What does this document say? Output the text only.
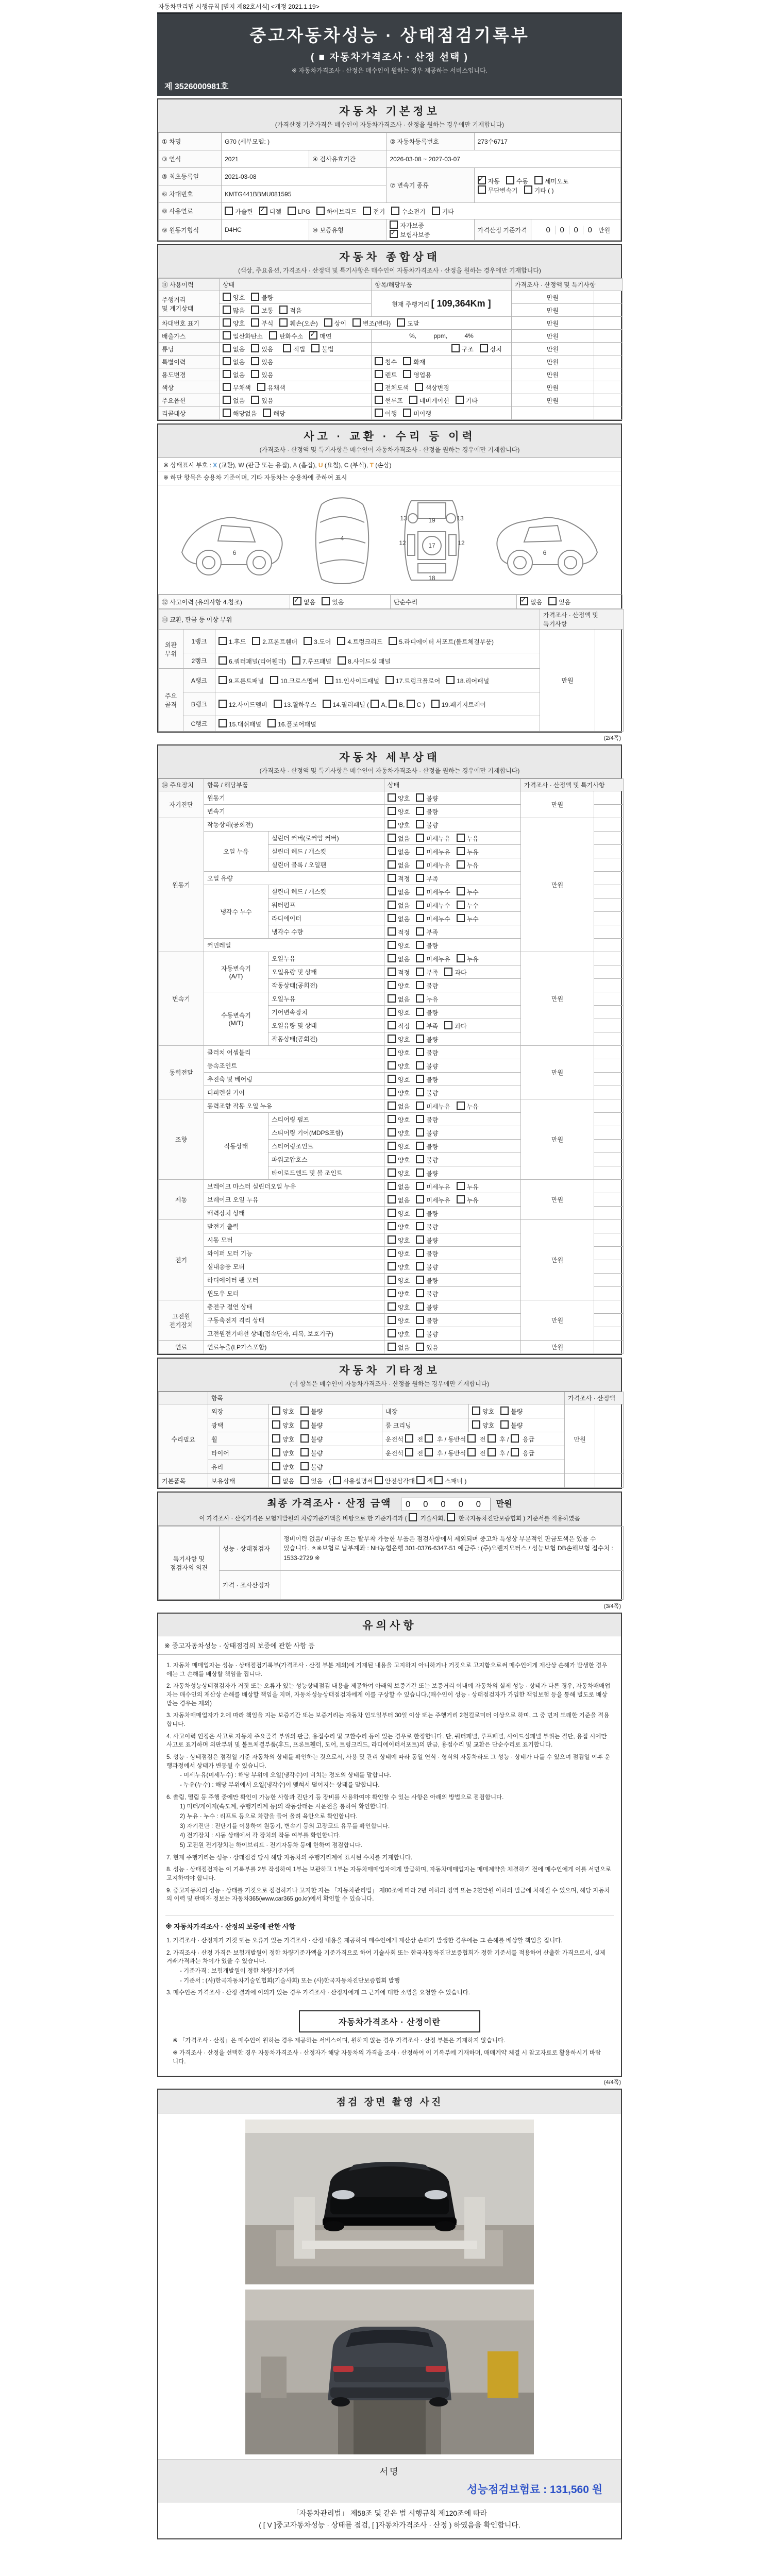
자동차관리법 시행규칙 [별지 제82호서식] <개정 2021.1.19>
중고자동차성능 · 상태점검기록부
( ■ 자동차가격조사 · 산정 선택 )
※ 자동차가격조사 · 산정은 매수인이 원하는 경우 제공하는 서비스입니다.
제 3526000981호
자동차 기본정보
(가격산정 기준가격은 매수인이 자동차가격조사 · 산정을 원하는 경우에만 기재합니다)
① 차명	G70 (세부모델: )		② 자동차등록번호	273수6717	
③ 연식	2021	④ 검사유효기간	2026-03-08 ~ 2027-03-07		
⑤ 최초등록일	2021-03-08		⑦ 변속기 종류	
✓자동 수동 세미오토
무단변속기 기타 ( )

⑥ 차대번호	KMTG441BBMU081595				
⑧ 사용연료	가솔린 ✓ 디젤 LPG 하이브리드 전기 수소전기 기타
⑨ 원동기형식	D4HC	⑩ 보증유형	자가보증✓보험사보증	가격산정 기준가격	0 0 0 0 만원
자동차 종합상태
(색상, 주요옵션, 가격조사 · 산정액 및 특기사항은 매수인이 자동차가격조사 · 산정을 원하는 경우에만 기재합니다)
⑪ 사용이력	상태	항목/해당부품	가격조사 · 산정액 및 특기사항	
주행거리
및 계기상태	양호 불량	현재 주행거리 [ 109,364Km ]	만원	
	많음 보통 적음		만원	
차대번호 표기	양호 부식 훼손(오손) 상이 변조(변타) 도말		만원	
배출가스	일산화탄소 탄화수소 ✓ 매연	%,          ppm,          4%	만원	
튜닝	없음 있음 적법 불법	구조 장치	만원	
특별이력	없음 있음	침수 화재	만원	
용도변경	없음 있음	렌트 영업용	만원	
색상	무채색 유채색	전체도색 색상변경	만원	
주요옵션	없음 있음	썬루프 네비게이션 기타	만원	
리콜대상	해당없음 해당	이행 미이행		
사고 · 교환 · 수리 등 이력
(가격조사 · 산정액 및 특기사항은 매수인이 자동차가격조사 · 산정을 원하는 경우에만 기재합니다)
※ 상태표시 부호 : X (교환), W (판금 또는 용접), A (흠집), U (요철), C (부식), T (손상)
※ 하단 항목은 승용차 기준이며, 기타 자동차는 승용차에 준하여 표시
6
4
19
13	13
17
12	12
18
6
⑫ 사고이력 (유의사항 4.참조)	✓없음	있음	단순수리	✓없음	있음
⑬ 교환, 판금 등 이상 부위			가격조사 · 산정액 및 특기사항	
외판
부위	1랭크	1.후드 2.프론트휀더 3.도어 4.트렁크리드 5.라디에이터 서포트(볼트체결부품)	만원	
	2랭크	6.쿼터패널(리어휀더) 7.루프패널 8.사이드실 패널		
주요
골격	A랭크	9.프론트패널 10.크로스멤버 11.인사이드패널 17.트렁크플로어 18.리어패널		
	B랭크	12.사이드멤버 13.휠하우스 14.필러패널 ( A, B, C ) 19.패키지트레이		
	C랭크	15.대쉬패널 16.플로어패널		
(2/4쪽)
자동차 세부상태
(가격조사 · 산정액 및 특기사항은 매수인이 자동차가격조사 · 산정을 원하는 경우에만 기재합니다)
⑭ 주요장치	항목 / 해당부품		상태	가격조사 · 산정액 및 특기사항	
자기진단	원동기		양호 불량	만원	
	변속기		양호 불량		
원동기	작동상태(공회전)		양호 불량	만원	
	오일 누유	실린더 커버(로커암 커버)	없음 미세누유 누유		
		실린더 헤드 / 개스킷	없음 미세누유 누유		
		실린더 블록 / 오일팬	없음 미세누유 누유		
	오일 유량		적정 부족		
	냉각수 누수	실린더 헤드 / 개스킷	없음 미세누수 누수		
		워터펌프	없음 미세누수 누수		
		라디에이터	없음 미세누수 누수		
		냉각수 수량	적정 부족		
	커먼레일		양호 불량		
변속기	자동변속기
(A/T)	오일누유	없음 미세누유 누유	만원	
		오일유량 및 상태	적정 부족 과다		
		작동상태(공회전)	양호 불량		
	수동변속기
(M/T)	오일누유	없음 누유		
		기어변속장치	양호 불량		
		오일유량 및 상태	적정 부족 과다		
		작동상태(공회전)	양호 불량		
동력전달	클러치 어셈블리		양호 불량	만원	
	등속조인트		양호 불량		
	추진축 및 베어링		양호 불량		
	디퍼렌셜 기어		양호 불량		
조향	동력조향 작동 오일 누유		없음 미세누유 누유	만원	
	작동상태	스티어링 펌프	양호 불량		
		스티어링 기어(MDPS포함)	양호 불량		
		스티어링조인트	양호 불량		
		파워고압호스	양호 불량		
		타이로드엔드 및 볼 조인트	양호 불량		
제동	브레이크 마스터 실린더오일 누유		없음 미세누유 누유	만원	
	브레이크 오일 누유		없음 미세누유 누유		
	배력장치 상태		양호 불량		
전기	발전기 출력		양호 불량	만원	
	시동 모터		양호 불량		
	와이퍼 모터 기능		양호 불량		
	실내송풍 모터		양호 불량		
	라디에이터 팬 모터		양호 불량		
	윈도우 모터		양호 불량		
고전원
전기장치	충전구 절연 상태		양호 불량	만원	
	구동축전지 격리 상태		양호 불량		
	고전원전기배선 상태(접속단자, 피복, 보호기구)		양호 불량		
연료	연료누출(LP가스포함)		없음 있음	만원	
자동차 기타정보
(이 항목은 매수인이 자동차가격조사 · 산정을 원하는 경우에만 기재합니다)
	항목				가격조사 · 산정액		
수리필요	외장	양호 불량	내장	양호 불량	만원		
	광택	양호 불량	룸 크리닝	양호 불량			
	휠	양호 불량	운전석  전  후 / 동반석  전  후 /  응급				
	타이어	양호 불량	운전석  전  후 / 동반석  전  후 /  응급				
	유리	양호 불량					
기본품목	보유상태	없음 있음 ( 사용설명서 안전삼각대 잭 스패너 )					
최종 가격조사 · 산정 금액 0 0 0 0 0 만원
이 가격조사 · 산정가격은 보험개발원의 차량기준가액을 바탕으로 한 기준가격과 (  기술사회,  한국자동차진단보증협회 ) 기준서를 적용하였음
특기사항 및
점검자의 의견	성능 · 상태점검자	정비이력 없음/ 비금속 또는 탈부착 가능한 부품은 점검사항에서 제외되며 중고차 특성상 부분적인 판금도색은 있을 수 있습니다. ㅊ※보험료 납부계좌 : NH농협은행 301-0376-6347-51 예금주 : (주)오렌지모터스 / 성능보험 DB손해보험 접수처 : 1533-2729 ※
	가격 · 조사산정자	
(3/4쪽)
유의사항
※ 중고자동차성능 · 상태점검의 보증에 관한 사항 등
1. 자동차 매매업자는 성능 · 상태점검기록부(가격조사 · 산정 부분 제외)에 기재된 내용을 고지하지 아니하거나 거짓으로 고지함으로써 매수인에게 재산상 손해가 발생한 경우에는 그 손해를 배상할 책임을 집니다.
2. 자동차성능상태점검자가 거짓 또는 오류가 있는 성능상태점검 내용을 제공하여 아래의 보증기간 또는 보증거리 이내에 자동차의 실제 성능 · 상태가 다른 경우, 자동차매매업자는 매수인의 재산상 손해를 배상할 책임을 지며, 자동차성능상태점검자에게 이를 구상할 수 있습니다.(매수인이 성능 · 상태점검자가 가입한 책임보험 등을 통해 별도로 배상받는 경우는 제외)
3. 자동차매매업자가 2.에 따라 책임을 지는 보증기간 또는 보증거리는 자동차 인도일부터 30일 이상 또는 주행거리 2천킬로미터 이상으로 하며, 그 중 먼저 도래한 기준을 적용합니다.
4. 사고이력 인정은 사고로 자동차 주요골격 부위의 판금, 용접수리 및 교환수리 등이 있는 경우로 한정합니다. 단, 쿼터패널, 루프패널, 사이드실패널 부위는 절단, 용접 시에만 사고로 표기하며 외판부위 및 볼트체결부품(후드, 프론트휀더, 도어, 트렁크리드, 라디에이터서포트)의 판금, 용접수리 및 교환은 단순수리로 표기합니다.
5. 성능 · 상태점검은 점검일 기준 자동차의 상태를 확인하는 것으로서, 사용 및 관리 상태에 따라 동일 연식 · 형식의 자동차라도 그 성능 · 상태가 다를 수 있으며 점검일 이후 운행과정에서 상태가 변동될 수 있습니다.
- 미세누유(미세누수) : 해당 부위에 오일(냉각수)이 비치는 정도의 상태를 말합니다.
- 누유(누수) : 해당 부위에서 오일(냉각수)이 맺혀서 떨어지는 상태를 말합니다.
6. 쏠림, 떨림 등 주행 중에만 확인이 가능한 사항과 진단기 등 장비를 사용하여야 확인할 수 있는 사항은 아래의 방법으로 점검합니다.
1) 미터/게이지(속도계, 주행거리계 등)의 작동상태는 시운전을 통하여 확인합니다.
2) 누유 · 누수 : 리프트 등으로 차량을 들어 올려 육안으로 확인합니다.
3) 자기진단 : 진단기를 이용하여 원동기, 변속기 등의 고장코드 유무를 확인합니다.
4) 전기장치 : 시동 상태에서 각 장치의 작동 여부를 확인합니다.
5) 고전원 전기장치는 하이브리드 · 전기자동차 등에 한하여 점검합니다.
7. 현재 주행거리는 성능 · 상태점검 당시 해당 자동차의 주행거리계에 표시된 수치를 기재합니다.
8. 성능 · 상태점검자는 이 기록부를 2부 작성하여 1부는 보관하고 1부는 자동차매매업자에게 발급하며, 자동차매매업자는 매매계약을 체결하기 전에 매수인에게 이를 서면으로 고지하여야 합니다.
9. 중고자동차의 성능 · 상태를 거짓으로 점검하거나 고지한 자는 「자동차관리법」 제80조에 따라 2년 이하의 징역 또는 2천만원 이하의 벌금에 처해질 수 있으며, 해당 자동차의 이력 및 판매자 정보는 자동차365(www.car365.go.kr)에서 확인할 수 있습니다.
※ 자동차가격조사 · 산정의 보증에 관한 사항
1. 가격조사 · 산정자가 거짓 또는 오류가 있는 가격조사 · 산정 내용을 제공하여 매수인에게 재산상 손해가 발생한 경우에는 그 손해를 배상할 책임을 집니다.
2. 가격조사 · 산정 가격은 보험개발원이 정한 차량기준가액을 기준가격으로 하여 기술사회 또는 한국자동차진단보증협회가 정한 기준서를 적용하여 산출한 가격으로서, 실제 거래가격과는 차이가 있을 수 있습니다.
- 기준가격 : 보험개발원이 정한 차량기준가액
- 기준서 : (사)한국자동차기술인협회(기술사회) 또는 (사)한국자동차진단보증협회 발행
3. 매수인은 가격조사 · 산정 결과에 이의가 있는 경우 가격조사 · 산정자에게 그 근거에 대한 소명을 요청할 수 있습니다.
자동차가격조사 · 산정이란
※ 「가격조사 · 산정」은 매수인이 원하는 경우 제공하는 서비스이며, 원하지 않는 경우 가격조사 · 산정 부분은 기재하지 않습니다.
※ 가격조사 · 산정을 선택한 경우 자동차가격조사 · 산정자가 해당 자동차의 가격을 조사 · 산정하여 이 기록부에 기재하며, 매매계약 체결 시 참고자료로 활용하시기 바랍니다.
(4/4쪽)
점검 장면 촬영 사진
서명
성능점검보험료 : 131,560 원
「자동차관리법」 제58조 및 같은 법 시행규칙 제120조에 따라
( [ V ]중고자동차성능 · 상태를 점검, [ ]자동차가격조사 · 산정 ) 하였음을 확인합니다.
